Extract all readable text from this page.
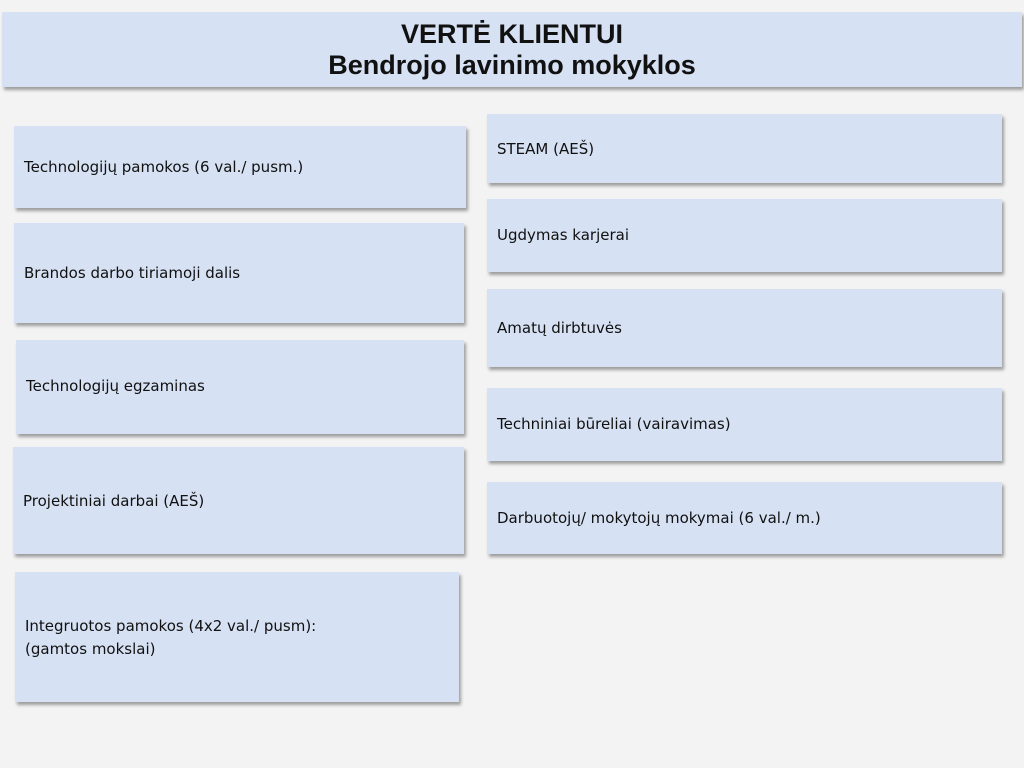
VERTĖ KLIENTUI
Bendrojo lavinimo mokyklos
Technologijų pamokos (6 val./ pusm.)
Brandos darbo tiriamoji dalis
Technologijų egzaminas
Projektiniai darbai (AEŠ)
Integruotos pamokos (4x2 val./ pusm):
(gamtos mokslai)
STEAM (AEŠ)
Ugdymas karjerai
Amatų dirbtuvės
Techniniai būreliai (vairavimas)
Darbuotojų/ mokytojų mokymai (6 val./ m.)
